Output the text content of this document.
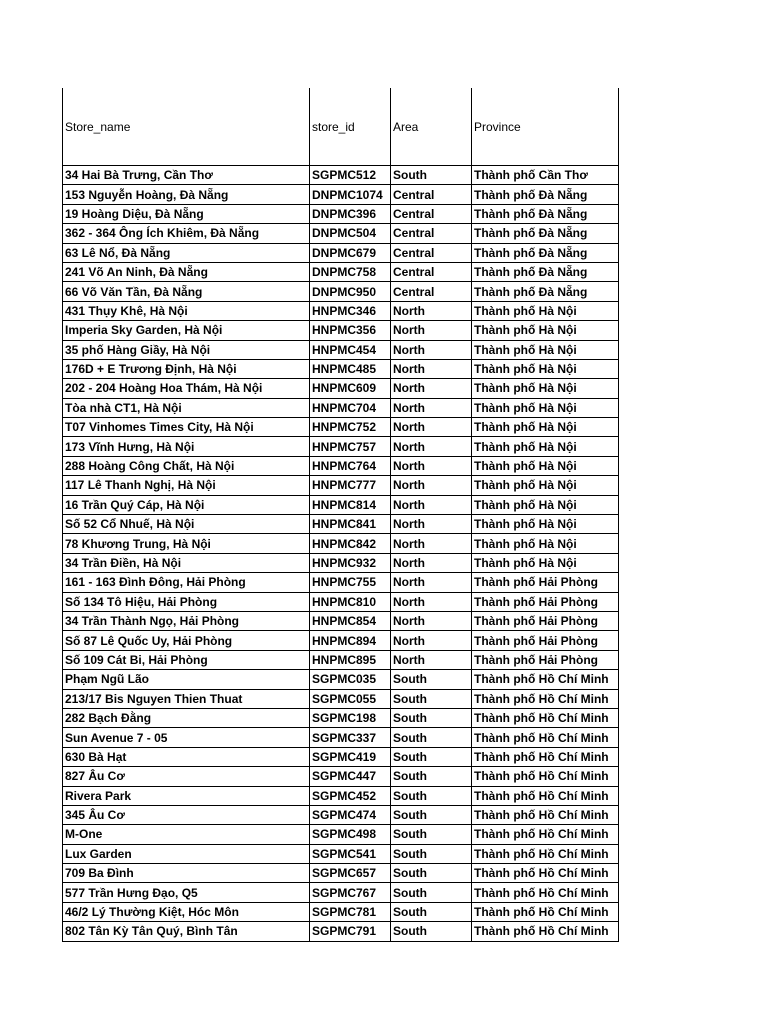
Store_name	store_id	Area	Province
34 Hai Bà Trưng, Cần Thơ	SGPMC512	South	Thành phố Cần Thơ
153 Nguyễn Hoàng, Đà Nẵng	DNPMC1074	Central	Thành phố Đà Nẵng
19 Hoàng Diệu, Đà Nẵng	DNPMC396	Central	Thành phố Đà Nẵng
362 - 364 Ông Ích Khiêm, Đà Nẵng	DNPMC504	Central	Thành phố Đà Nẵng
63 Lê Nổ, Đà Nẵng	DNPMC679	Central	Thành phố Đà Nẵng
241 Võ An Ninh, Đà Nẵng	DNPMC758	Central	Thành phố Đà Nẵng
66 Võ Văn Tần, Đà Nẵng	DNPMC950	Central	Thành phố Đà Nẵng
431 Thụy Khê, Hà Nội	HNPMC346	North	Thành phố Hà Nội
Imperia Sky Garden, Hà Nội	HNPMC356	North	Thành phố Hà Nội
35 phố Hàng Giầy, Hà Nội	HNPMC454	North	Thành phố Hà Nội
176D + E Trương Định, Hà Nội	HNPMC485	North	Thành phố Hà Nội
202 - 204 Hoàng Hoa Thám, Hà Nội	HNPMC609	North	Thành phố Hà Nội
Tòa nhà CT1, Hà Nội	HNPMC704	North	Thành phố Hà Nội
T07 Vinhomes Times City, Hà Nội	HNPMC752	North	Thành phố Hà Nội
173 Vĩnh Hưng, Hà Nội	HNPMC757	North	Thành phố Hà Nội
288 Hoàng Công Chất, Hà Nội	HNPMC764	North	Thành phố Hà Nội
117 Lê Thanh Nghị, Hà Nội	HNPMC777	North	Thành phố Hà Nội
16 Trần Quý Cáp, Hà Nội	HNPMC814	North	Thành phố Hà Nội
Số 52 Cổ Nhuế, Hà Nội	HNPMC841	North	Thành phố Hà Nội
78 Khương Trung, Hà Nội	HNPMC842	North	Thành phố Hà Nội
34 Trần Điền, Hà Nội	HNPMC932	North	Thành phố Hà Nội
161 - 163 Đình Đông, Hải Phòng	HNPMC755	North	Thành phố Hải Phòng
Số 134 Tô Hiệu, Hải Phòng	HNPMC810	North	Thành phố Hải Phòng
34 Trần Thành Ngọ, Hải Phòng	HNPMC854	North	Thành phố Hải Phòng
Số 87 Lê Quốc Uy, Hải Phòng	HNPMC894	North	Thành phố Hải Phòng
Số 109 Cát Bi, Hải Phòng	HNPMC895	North	Thành phố Hải Phòng
Phạm Ngũ Lão	SGPMC035	South	Thành phố Hồ Chí Minh
213/17 Bis Nguyen Thien Thuat	SGPMC055	South	Thành phố Hồ Chí Minh
282 Bạch Đằng	SGPMC198	South	Thành phố Hồ Chí Minh
Sun Avenue 7 - 05	SGPMC337	South	Thành phố Hồ Chí Minh
630 Bà Hạt	SGPMC419	South	Thành phố Hồ Chí Minh
827 Âu Cơ	SGPMC447	South	Thành phố Hồ Chí Minh
Rivera Park	SGPMC452	South	Thành phố Hồ Chí Minh
345 Âu Cơ	SGPMC474	South	Thành phố Hồ Chí Minh
M-One	SGPMC498	South	Thành phố Hồ Chí Minh
Lux Garden	SGPMC541	South	Thành phố Hồ Chí Minh
709 Ba Đình	SGPMC657	South	Thành phố Hồ Chí Minh
577 Trần Hưng Đạo, Q5	SGPMC767	South	Thành phố Hồ Chí Minh
46/2 Lý Thường Kiệt, Hóc Môn	SGPMC781	South	Thành phố Hồ Chí Minh
802 Tân Kỳ Tân Quý, Bình Tân	SGPMC791	South	Thành phố Hồ Chí Minh
